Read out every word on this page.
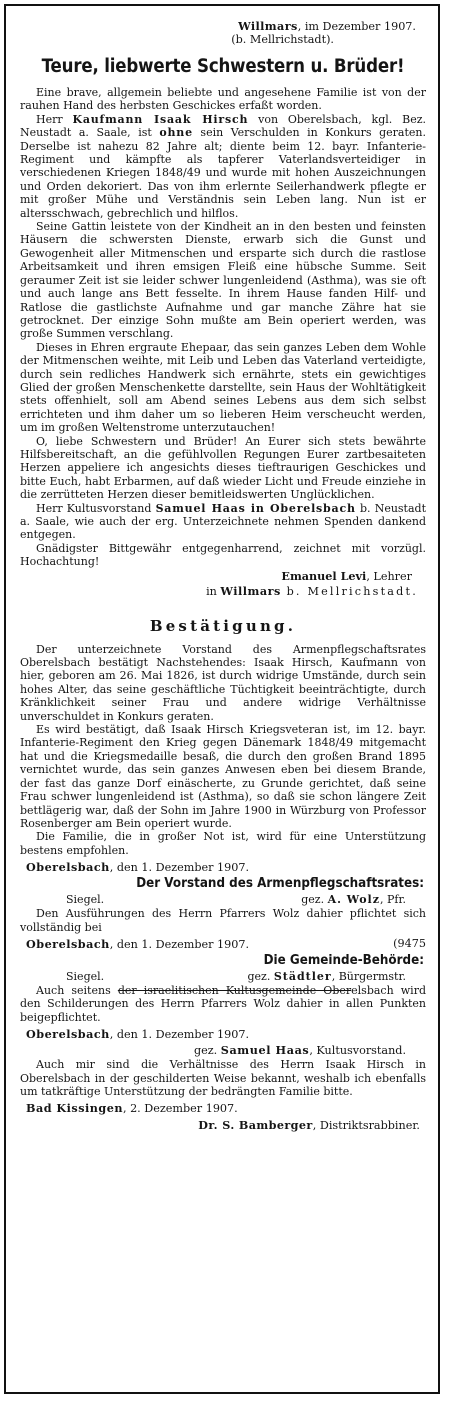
Willmars, im Dezember 1907.
(b. Mellrichstadt).
Teure, liebwerte Schwestern u. Brüder!

Eine brave, allgemein beliebte und angesehene Familie ist von der rauhen Hand des herbsten Geschickes erfaßt worden.

Herr Kaufmann Isaak Hirsch von Oberelsbach, kgl. Bez. Neustadt a. Saale, ist ohne sein Verschulden in Konkurs geraten. Derselbe ist nahezu 82 Jahre alt; diente beim 12. bayr. Infanterie-Regiment und kämpfte als tapferer Vaterlandsverteidiger in verschiedenen Kriegen 1848/49 und wurde mit hohen Auszeichnungen und Orden dekoriert. Das von ihm erlernte Seilerhandwerk pflegte er mit großer Mühe und Verständnis sein Leben lang. Nun ist er altersschwach, gebrechlich und hilflos.

Seine Gattin leistete von der Kindheit an in den besten und feinsten Häusern die schwersten Dienste, erwarb sich die Gunst und Gewogenheit aller Mitmenschen und ersparte sich durch die rastlose Arbeitsamkeit und ihren emsigen Fleiß eine hübsche Summe. Seit geraumer Zeit ist sie leider schwer lungenleidend (Asthma), was sie oft und auch lange ans Bett fesselte. In ihrem Hause fanden Hilf- und Ratlose die gastlichste Aufnahme und gar manche Zähre hat sie getrocknet. Der einzige Sohn mußte am Bein operiert werden, was große Summen verschlang.

Dieses in Ehren ergraute Ehepaar, das sein ganzes Leben dem Wohle der Mitmenschen weihte, mit Leib und Leben das Vaterland verteidigte, durch sein redliches Handwerk sich ernährte, stets ein gewichtiges Glied der großen Menschenkette darstellte, sein Haus der Wohltätigkeit stets offenhielt, soll am Abend seines Lebens aus dem sich selbst errichteten und ihm daher um so lieberen Heim verscheucht werden, um im großen Weltenstrome unterzutauchen!

O, liebe Schwestern und Brüder! An Eurer sich stets bewährte Hilfsbereitschaft, an die gefühlvollen Regungen Eurer zartbesaiteten Herzen appeliere ich angesichts dieses tieftraurigen Geschickes und bitte Euch, habt Erbarmen, auf daß wieder Licht und Freude einziehe in die zerrütteten Herzen dieser bemitleidswerten Unglücklichen.

Herr Kultusvorstand Samuel Haas in Oberelsbach b. Neustadt a. Saale, wie auch der erg. Unterzeichnete nehmen Spenden dankend entgegen.

Gnädigster Bittgewähr entgegenharrend, zeichnet mit vorzügl. Hochachtung!

Emanuel Levi, Lehrer
in Willmars b. Mellrichstadt.
Bestätigung.

Der unterzeichnete Vorstand des Armenpflegschaftsrates Oberelsbach bestätigt Nachstehendes: Isaak Hirsch, Kaufmann von hier, geboren am 26. Mai 1826, ist durch widrige Umstände, durch sein hohes Alter, das seine geschäftliche Tüchtigkeit beeinträchtigte, durch Kränklichkeit seiner Frau und andere widrige Verhältnisse unverschuldet in Konkurs geraten.

Es wird bestätigt, daß Isaak Hirsch Kriegsveteran ist, im 12. bayr. Infanterie-Regiment den Krieg gegen Dänemark 1848/49 mitgemacht hat und die Kriegsmedaille besaß, die durch den großen Brand 1895 vernichtet wurde, das sein ganzes Anwesen eben bei diesem Brande, der fast das ganze Dorf einäscherte, zu Grunde gerichtet, daß seine Frau schwer lungenleidend ist (Asthma), so daß sie schon längere Zeit bettlägerig war, daß der Sohn im Jahre 1900 in Würzburg von Professor Rosenberger am Bein operiert wurde.

Die Familie, die in großer Not ist, wird für eine Unterstützung bestens empfohlen.

Oberelsbach, den 1. Dezember 1907.
Der Vorstand des Armenpflegschaftsrates:
Siegel.	gez. A. Wolz, Pfr.

Den Ausführungen des Herrn Pfarrers Wolz dahier pflichtet sich vollständig bei

Oberelsbach, den 1. Dezember 1907.	(9475
Die Gemeinde-Behörde:
Siegel.	gez. Städtler, Bürgermstr.

Auch seitens der israelitischen Kultusgemeinde Oberelsbach wird den Schilderungen des Herrn Pfarrers Wolz dahier in allen Punkten beigepflichtet.

Oberelsbach, den 1. Dezember 1907.
gez. Samuel Haas, Kultusvorstand.

Auch mir sind die Verhältnisse des Herrn Isaak Hirsch in Oberelsbach in der geschilderten Weise bekannt, weshalb ich ebenfalls um tatkräftige Unterstützung der bedrängten Familie bitte.

Bad Kissingen, 2. Dezember 1907.
Dr. S. Bamberger, Distriktsrabbiner.
